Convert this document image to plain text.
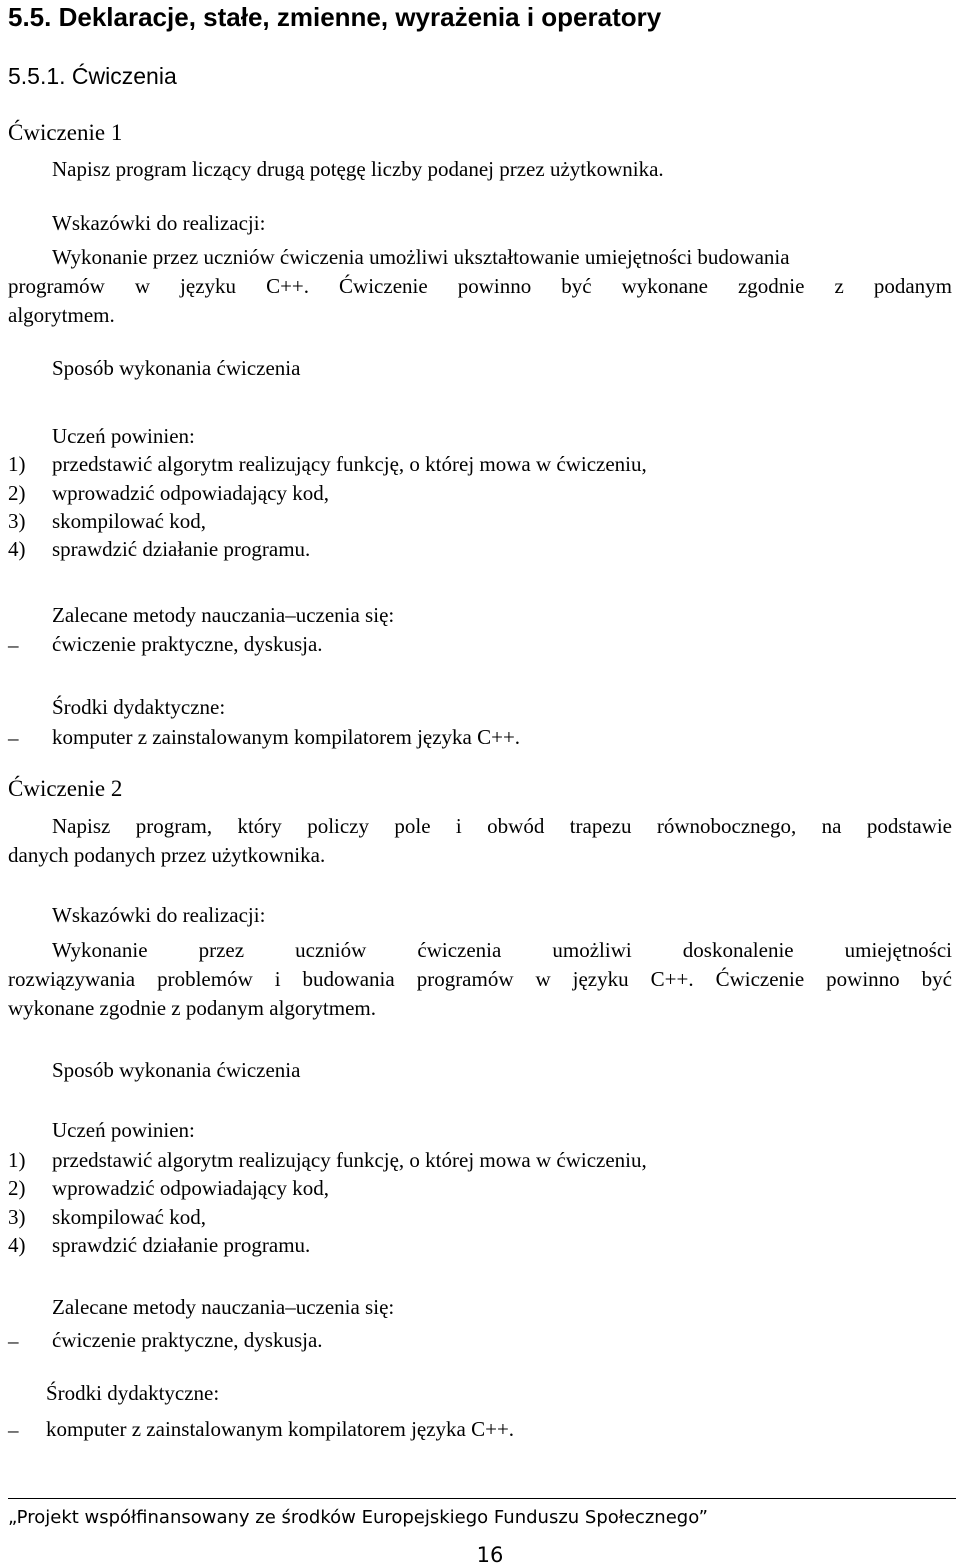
5.5. Deklaracje, stałe, zmienne, wyrażenia i operatory
5.5.1. Ćwiczenia
Ćwiczenie 1
Napisz program liczący drugą potęgę liczby podanej przez użytkownika.
Wskazówki do realizacji:
Wykonanie przez uczniów ćwiczenia umożliwi ukształtowanie umiejętności budowania
programów w języku C++. Ćwiczenie powinno być wykonane zgodnie z podanym
algorytmem.
Sposób wykonania ćwiczenia
Uczeń powinien:
1) przedstawić algorytm realizujący funkcję, o której mowa w ćwiczeniu,
2) wprowadzić odpowiadający kod,
3) skompilować kod,
4) sprawdzić działanie programu.
Zalecane metody nauczania–uczenia się:
– ćwiczenie praktyczne, dyskusja.
Środki dydaktyczne:
– komputer z zainstalowanym kompilatorem języka C++.
Ćwiczenie 2
Napisz program, który policzy pole i obwód trapezu równobocznego, na podstawie
danych podanych przez użytkownika.
Wskazówki do realizacji:
Wykonanie przez uczniów ćwiczenia umożliwi doskonalenie umiejętności
rozwiązywania problemów i budowania programów w języku C++. Ćwiczenie powinno być
wykonane zgodnie z podanym algorytmem.
Sposób wykonania ćwiczenia
Uczeń powinien:
1) przedstawić algorytm realizujący funkcję, o której mowa w ćwiczeniu,
2) wprowadzić odpowiadający kod,
3) skompilować kod,
4) sprawdzić działanie programu.
Zalecane metody nauczania–uczenia się:
– ćwiczenie praktyczne, dyskusja.
Środki dydaktyczne:
– komputer z zainstalowanym kompilatorem języka C++.
„Projekt współfinansowany ze środków Europejskiego Funduszu Społecznego”
16
